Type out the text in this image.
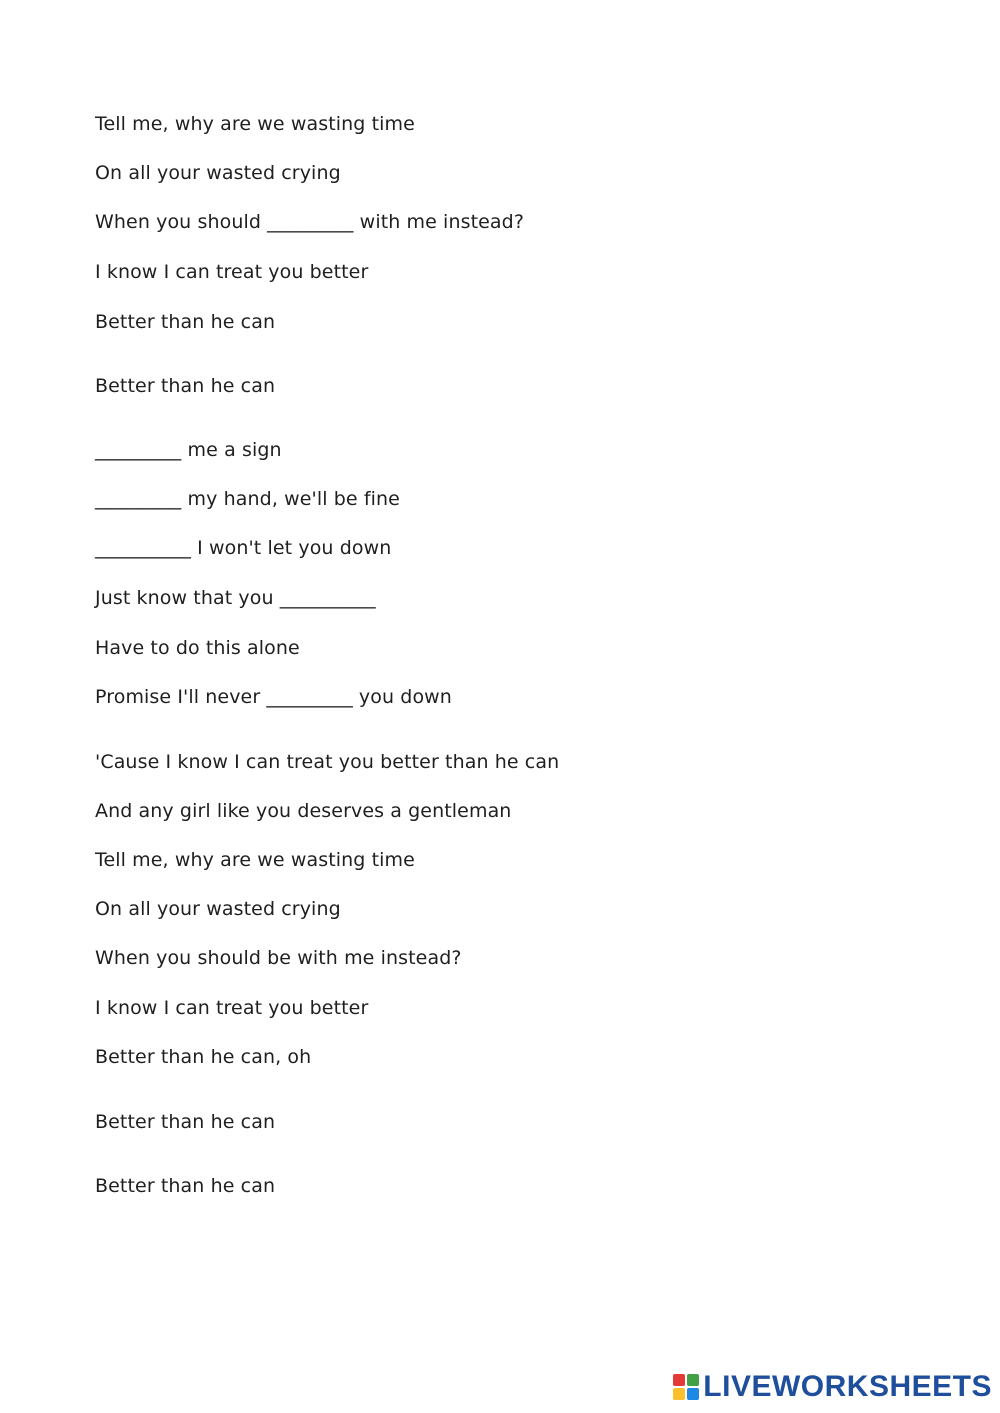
Tell me, why are we wasting time
On all your wasted crying
When you should _________ with me instead?
I know I can treat you better
Better than he can
Better than he can
_________ me a sign
_________ my hand, we'll be fine
__________ I won't let you down
Just know that you __________
Have to do this alone
Promise I'll never _________ you down
'Cause I know I can treat you better than he can
And any girl like you deserves a gentleman
Tell me, why are we wasting time
On all your wasted crying
When you should be with me instead?
I know I can treat you better
Better than he can, oh
Better than he can
Better than he can
LIVEWORKSHEETS
